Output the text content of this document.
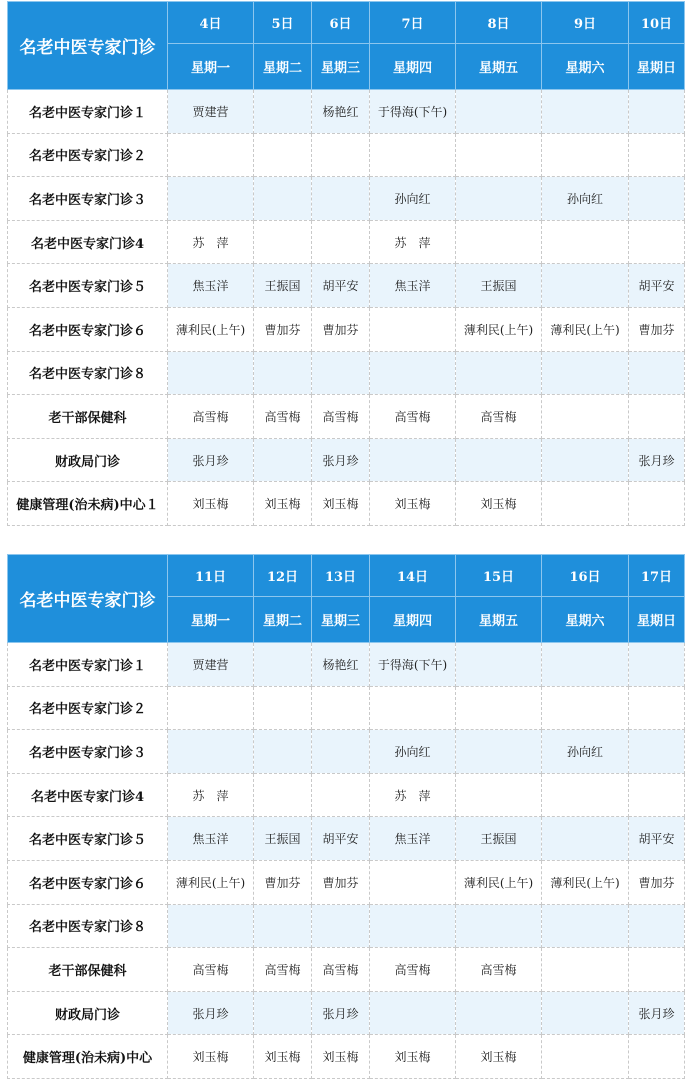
名老中医专家门诊	4日	5日	6日	7日	8日	9日	10日
	星期一	星期二	星期三	星期四	星期五	星期六	星期日
名老中医专家门诊１	贾建营		杨艳红	于得海(下午)			
名老中医专家门诊２							
名老中医专家门诊３				孙向红		孙向红	
名老中医专家门诊4	苏　萍			苏　萍			
名老中医专家门诊５	焦玉洋	王振国	胡平安	焦玉洋	王振国		胡平安
名老中医专家门诊６	薄利民(上午)	曹加芬	曹加芬		薄利民(上午)	薄利民(上午)	曹加芬
名老中医专家门诊８							
老干部保健科	高雪梅	高雪梅	高雪梅	高雪梅	高雪梅		
财政局门诊	张月珍		张月珍				张月珍
健康管理(治未病)中心１	刘玉梅	刘玉梅	刘玉梅	刘玉梅	刘玉梅		
名老中医专家门诊	11日	12日	13日	14日	15日	16日	17日
	星期一	星期二	星期三	星期四	星期五	星期六	星期日
名老中医专家门诊１	贾建营		杨艳红	于得海(下午)			
名老中医专家门诊２							
名老中医专家门诊３				孙向红		孙向红	
名老中医专家门诊4	苏　萍			苏　萍			
名老中医专家门诊５	焦玉洋	王振国	胡平安	焦玉洋	王振国		胡平安
名老中医专家门诊６	薄利民(上午)	曹加芬	曹加芬		薄利民(上午)	薄利民(上午)	曹加芬
名老中医专家门诊８							
老干部保健科	高雪梅	高雪梅	高雪梅	高雪梅	高雪梅		
财政局门诊	张月珍		张月珍				张月珍
健康管理(治未病)中心	刘玉梅	刘玉梅	刘玉梅	刘玉梅	刘玉梅		
